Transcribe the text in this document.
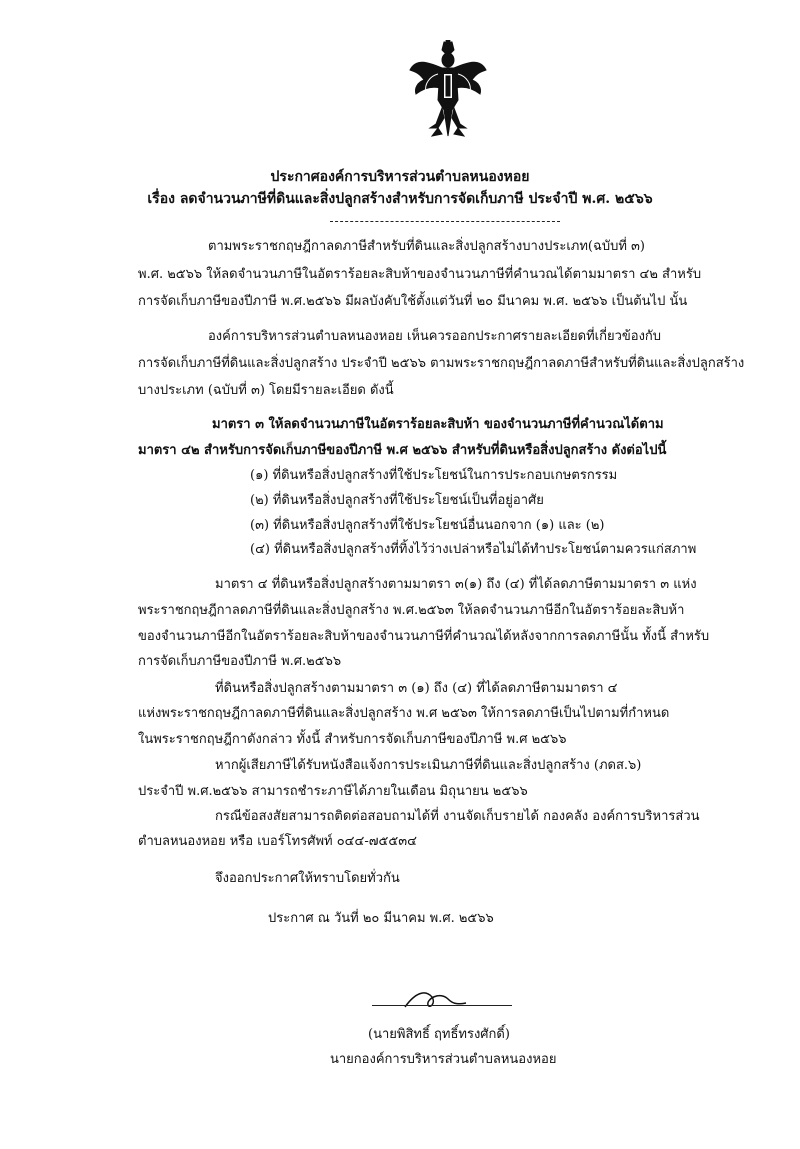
ประกาศองค์การบริหารส่วนตำบลหนองหอย
เรื่อง ลดจำนวนภาษีที่ดินและสิ่งปลูกสร้างสำหรับการจัดเก็บภาษี ประจำปี พ.ศ. ๒๕๖๖
ตามพระราชกฤษฎีกาลดภาษีสำหรับที่ดินและสิ่งปลูกสร้างบางประเภท(ฉบับที่ ๓)
พ.ศ. ๒๕๖๖ ให้ลดจำนวนภาษีในอัตราร้อยละสิบห้าของจำนวนภาษีที่คำนวณได้ตามมาตรา ๔๒ สำหรับ
การจัดเก็บภาษีของปีภาษี พ.ศ.๒๕๖๖ มีผลบังคับใช้ตั้งแต่วันที่ ๒๐ มีนาคม พ.ศ. ๒๕๖๖ เป็นต้นไป นั้น
องค์การบริหารส่วนตำบลหนองหอย เห็นควรออกประกาศรายละเอียดที่เกี่ยวข้องกับ
การจัดเก็บภาษีที่ดินและสิ่งปลูกสร้าง ประจำปี ๒๕๖๖ ตามพระราชกฤษฎีกาลดภาษีสำหรับที่ดินและสิ่งปลูกสร้าง
บางประเภท (ฉบับที่ ๓) โดยมีรายละเอียด ดังนี้
มาตรา ๓ ให้ลดจำนวนภาษีในอัตราร้อยละสิบห้า ของจำนวนภาษีที่คำนวณได้ตาม
มาตรา ๔๒ สำหรับการจัดเก็บภาษีของปีภาษี พ.ศ ๒๕๖๖ สำหรับที่ดินหรือสิ่งปลูกสร้าง ดังต่อไปนี้
(๑) ที่ดินหรือสิ่งปลูกสร้างที่ใช้ประโยชน์ในการประกอบเกษตรกรรม
(๒) ที่ดินหรือสิ่งปลูกสร้างที่ใช้ประโยชน์เป็นที่อยู่อาศัย
(๓) ที่ดินหรือสิ่งปลูกสร้างที่ใช้ประโยชน์อื่นนอกจาก (๑) และ (๒)
(๔) ที่ดินหรือสิ่งปลูกสร้างที่ทิ้งไว้ว่างเปล่าหรือไม่ได้ทำประโยชน์ตามควรแก่สภาพ
มาตรา ๔ ที่ดินหรือสิ่งปลูกสร้างตามมาตรา ๓(๑) ถึง (๔) ที่ได้ลดภาษีตามมาตรา ๓ แห่ง
พระราชกฤษฎีกาลดภาษีที่ดินและสิ่งปลูกสร้าง พ.ศ.๒๕๖๓ ให้ลดจำนวนภาษีอีกในอัตราร้อยละสิบห้า
ของจำนวนภาษีอีกในอัตราร้อยละสิบห้าของจำนวนภาษีที่คำนวณได้หลังจากการลดภาษีนั้น ทั้งนี้ สำหรับ
การจัดเก็บภาษีของปีภาษี พ.ศ.๒๕๖๖
ที่ดินหรือสิ่งปลูกสร้างตามมาตรา ๓ (๑) ถึง (๔) ที่ได้ลดภาษีตามมาตรา ๔
แห่งพระราชกฤษฎีกาลดภาษีที่ดินและสิ่งปลูกสร้าง พ.ศ ๒๕๖๓ ให้การลดภาษีเป็นไปตามที่กำหนด
ในพระราชกฤษฎีกาดังกล่าว ทั้งนี้ สำหรับการจัดเก็บภาษีของปีภาษี พ.ศ ๒๕๖๖
หากผู้เสียภาษีได้รับหนังสือแจ้งการประเมินภาษีที่ดินและสิ่งปลูกสร้าง (ภดส.๖)
ประจำปี พ.ศ.๒๕๖๖ สามารถชำระภาษีได้ภายในเดือน มิถุนายน ๒๕๖๖
กรณีข้อสงสัยสามารถติดต่อสอบถามได้ที่ งานจัดเก็บรายได้ กองคลัง องค์การบริหารส่วน
ตำบลหนองหอย หรือ เบอร์โทรศัพท์ ๐๔๔-๗๕๕๓๔
จึงออกประกาศให้ทราบโดยทั่วกัน
ประกาศ ณ วันที่ ๒๐ มีนาคม พ.ศ. ๒๕๖๖
(นายพิสิทธิ์ ฤทธิ์ทรงศักดิ์)
นายกองค์การบริหารส่วนตำบลหนองหอย
